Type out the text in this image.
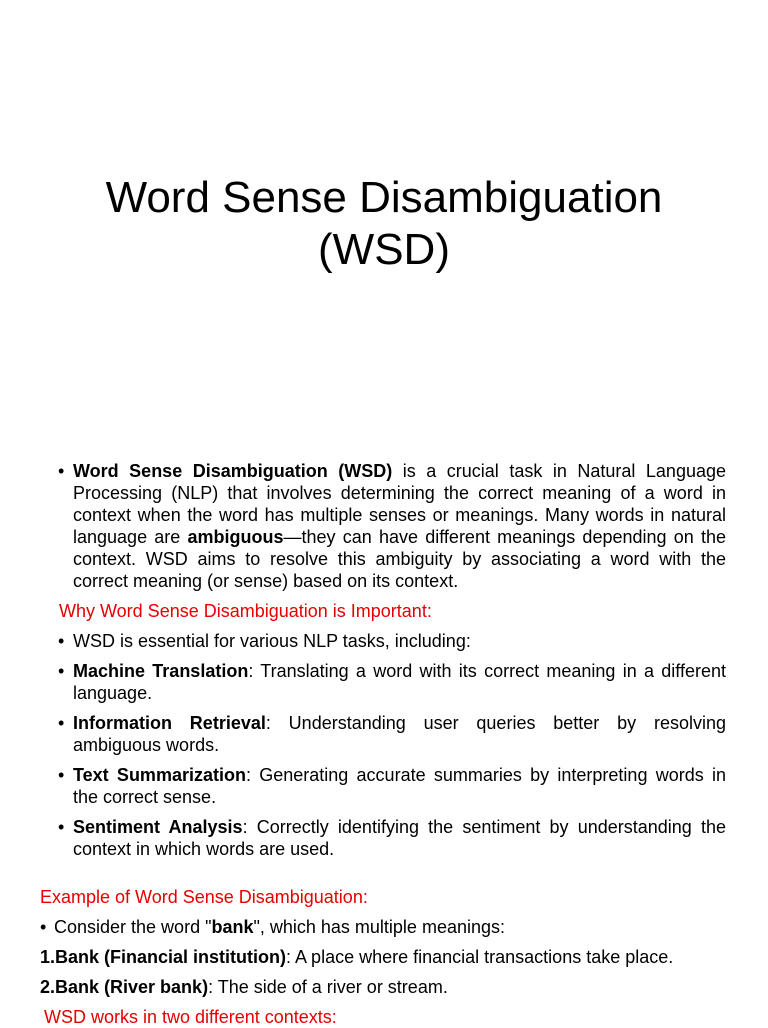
Word Sense Disambiguation
(WSD)
• Word Sense Disambiguation (WSD) is a crucial task in Natural Language Processing (NLP) that involves determining the correct meaning of a word in context when the word has multiple senses or meanings. Many words in natural language are ambiguous—they can have different meanings depending on the context. WSD aims to resolve this ambiguity by associating a word with the correct meaning (or sense) based on its context.
Why Word Sense Disambiguation is Important:
• WSD is essential for various NLP tasks, including:
• Machine Translation: Translating a word with its correct meaning in a different language.
• Information Retrieval: Understanding user queries better by resolving ambiguous words.
• Text Summarization: Generating accurate summaries by interpreting words in the correct sense.
• Sentiment Analysis: Correctly identifying the sentiment by understanding the context in which words are used.
Example of Word Sense Disambiguation:
• Consider the word "bank", which has multiple meanings:
1.Bank (Financial institution): A place where financial transactions take place.
2.Bank (River bank): The side of a river or stream.
WSD works in two different contexts:
